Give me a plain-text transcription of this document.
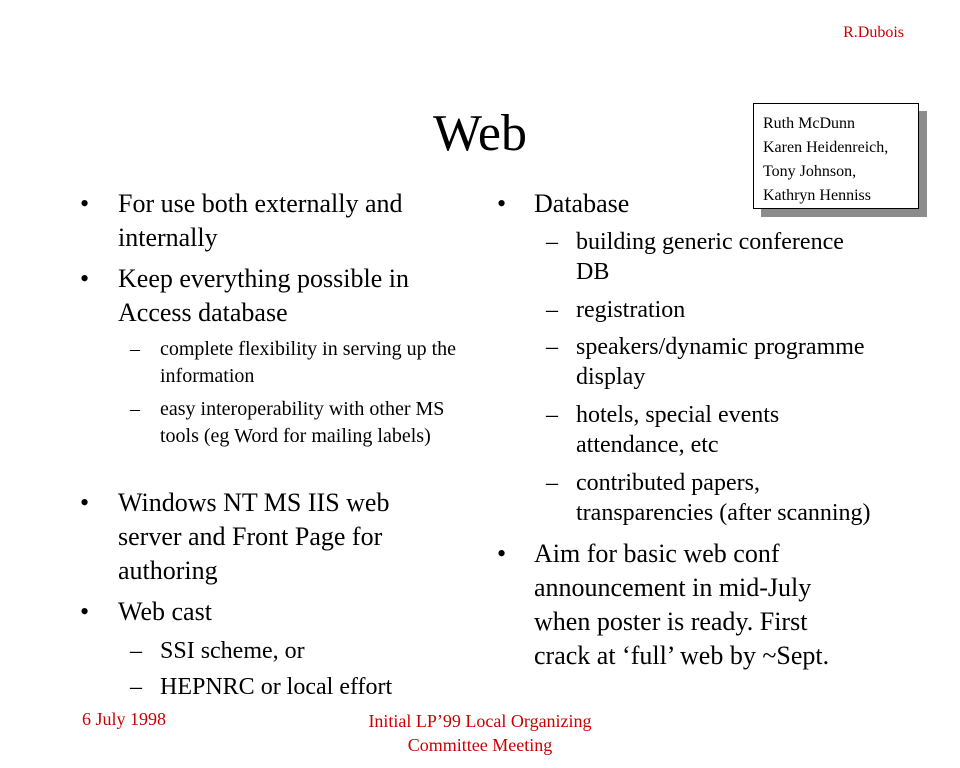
R.Dubois
Web	Ruth McDunn
Karen Heidenreich,
Tony Johnson,
Kathryn Henniss
• For use both externally and internally
• Keep everything possible in Access database
– complete flexibility in serving up the information
– easy interoperability with other MS tools (eg Word for mailing labels)
• Windows NT MS IIS web server and Front Page for authoring
• Web cast
– SSI scheme, or
– HEPNRC or local effort
• Database
– building generic conference DB
– registration
– speakers/dynamic programme display
– hotels, special events attendance, etc
– contributed papers, transparencies (after scanning)
• Aim for basic web conf announcement in mid-July when poster is ready. First crack at ‘full’ web by ~Sept.
6 July 1998	Initial LP’99 Local Organizing
Committee Meeting
